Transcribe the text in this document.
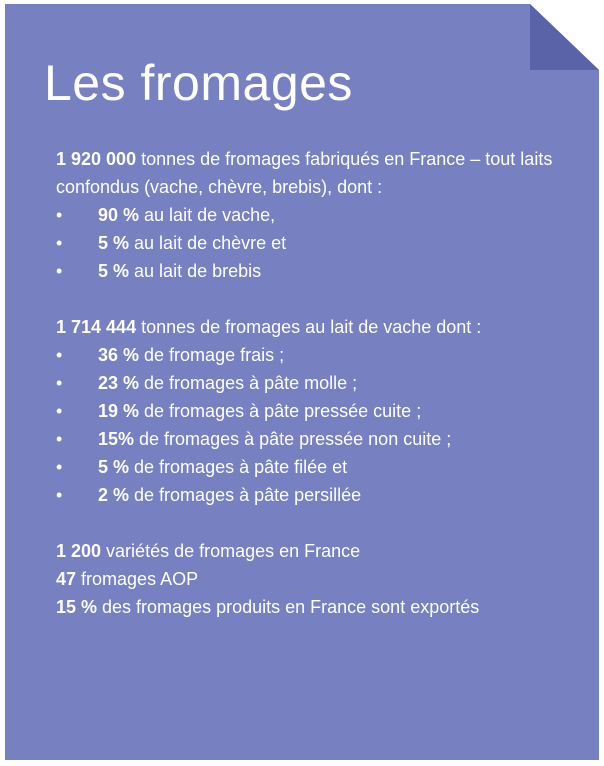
Les fromages

1 920 000 tonnes de fromages fabriqués en France – tout laits confondus (vache, chèvre, brebis), dont :

• 90 % au lait de vache,
• 5 % au lait de chèvre et
• 5 % au lait de brebis

1 714 444 tonnes de fromages au lait de vache dont :

• 36 % de fromage frais ;
• 23 % de fromages à pâte molle ;
• 19 % de fromages à pâte pressée cuite ;
• 15% de fromages à pâte pressée non cuite ;
• 5 % de fromages à pâte filée et
• 2 % de fromages à pâte persillée

1 200 variétés de fromages en France

47 fromages AOP

15 % des fromages produits en France sont exportés
